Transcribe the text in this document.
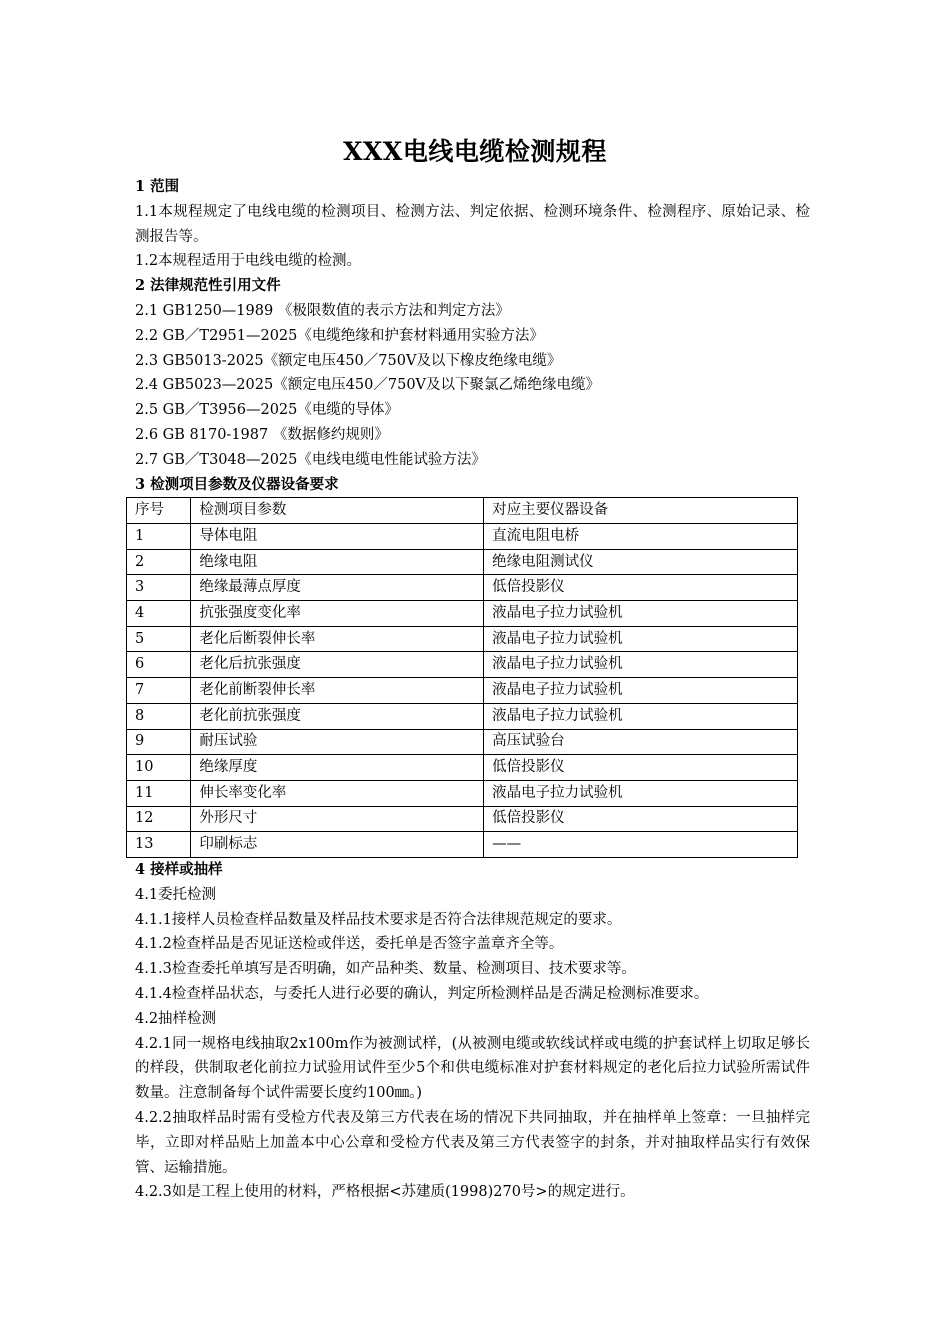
XXX电线电缆检测规程
1 范围
1.1本规程规定了电线电缆的检测项目、检测方法、判定依据、检测环境条件、检测程序、原始记录、检测报告等。
1.2本规程适用于电线电缆的检测。
2 法律规范性引用文件
2.1 GB1250—1989 《极限数值的表示方法和判定方法》
2.2 GB／T2951—2025《电缆绝缘和护套材料通用实验方法》
2.3 GB5013-2025《额定电压450／750V及以下橡皮绝缘电缆》
2.4 GB5023—2025《额定电压450／750V及以下聚氯乙烯绝缘电缆》
2.5 GB／T3956—2025《电缆的导体》
2.6 GB 8170-1987 《数据修约规则》
2.7 GB／T3048—2025《电线电缆电性能试验方法》
3 检测项目参数及仪器设备要求
序号	检测项目参数	对应主要仪器设备
1	导体电阻	直流电阻电桥
2	绝缘电阻	绝缘电阻测试仪
3	绝缘最薄点厚度	低倍投影仪
4	抗张强度变化率	液晶电子拉力试验机
5	老化后断裂伸长率	液晶电子拉力试验机
6	老化后抗张强度	液晶电子拉力试验机
7	老化前断裂伸长率	液晶电子拉力试验机
8	老化前抗张强度	液晶电子拉力试验机
9	耐压试验	高压试验台
10	绝缘厚度	低倍投影仪
11	伸长率变化率	液晶电子拉力试验机
12	外形尺寸	低倍投影仪
13	印刷标志	——
4 接样或抽样
4.1委托检测
4.1.1接样人员检查样品数量及样品技术要求是否符合法律规范规定的要求。
4.1.2检查样品是否见证送检或伴送，委托单是否签字盖章齐全等。
4.1.3检查委托单填写是否明确，如产品种类、数量、检测项目、技术要求等。
4.1.4检查样品状态，与委托人进行必要的确认，判定所检测样品是否满足检测标准要求。
4.2抽样检测
4.2.1同一规格电线抽取2x100m作为被测试样，(从被测电缆或软线试样或电缆的护套试样上切取足够长的样段，供制取老化前拉力试验用试件至少5个和供电缆标准对护套材料规定的老化后拉力试验所需试件数量。注意制备每个试件需要长度约100㎜。)
4.2.2抽取样品时需有受检方代表及第三方代表在场的情况下共同抽取，并在抽样单上签章：一旦抽样完毕，立即对样品贴上加盖本中心公章和受检方代表及第三方代表签字的封条，并对抽取样品实行有效保管、运输措施。
4.2.3如是工程上使用的材料，严格根据<苏建质(1998)270号>的规定进行。
